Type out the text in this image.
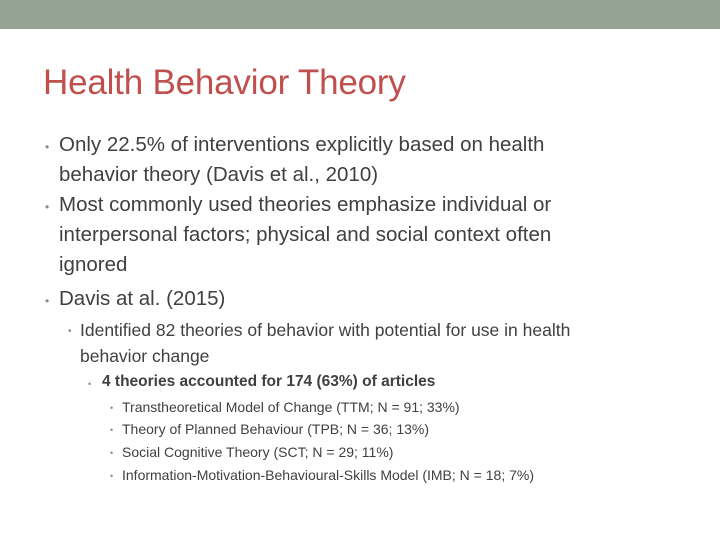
Health Behavior Theory
• Only 22.5% of interventions explicitly based on health
behavior theory (Davis et al., 2010)
• Most commonly used theories emphasize individual or
interpersonal factors; physical and social context often
ignored
• Davis at al. (2015)
• Identified 82 theories of behavior with potential for use in health
behavior change
• 4 theories accounted for 174 (63%) of articles
• Transtheoretical Model of Change (TTM; N = 91; 33%)
• Theory of Planned Behaviour (TPB; N = 36; 13%)
• Social Cognitive Theory (SCT; N = 29; 11%)
• Information-Motivation-Behavioural-Skills Model (IMB; N = 18; 7%)
